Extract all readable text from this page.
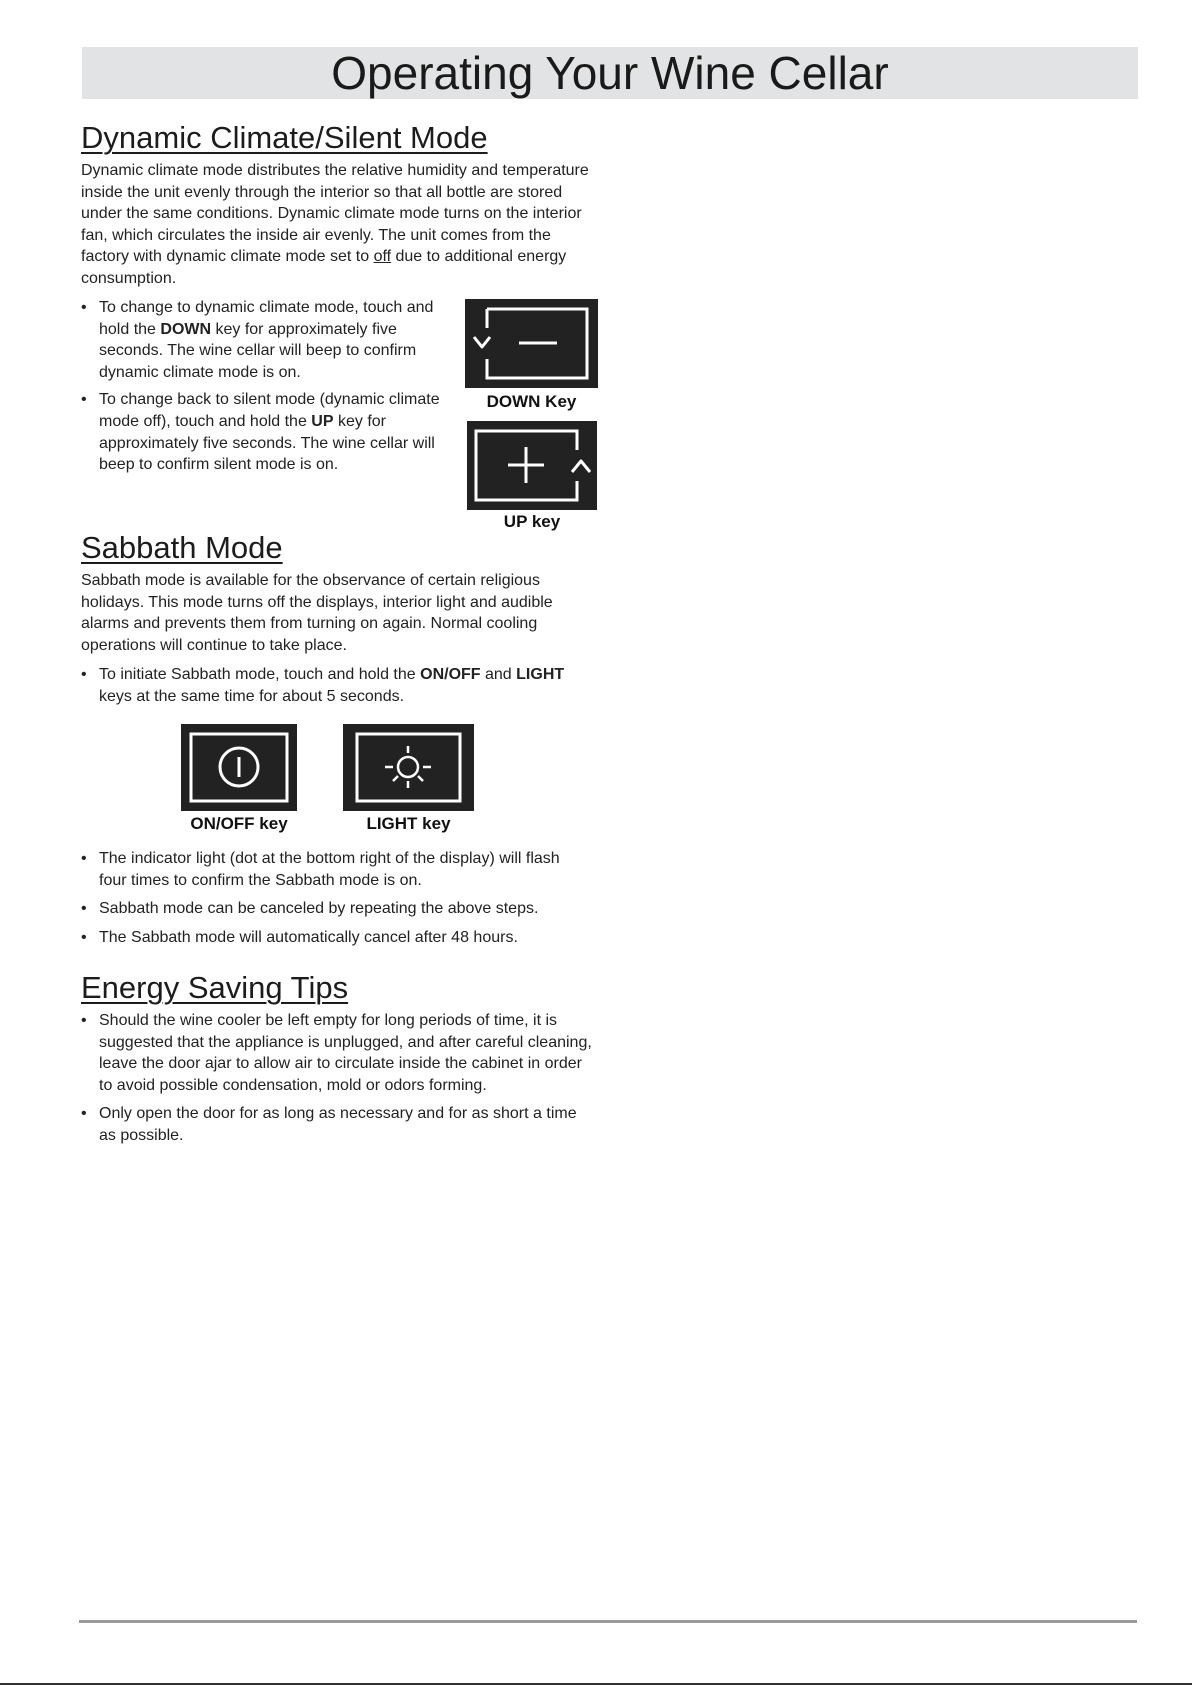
Operating Your Wine Cellar
Dynamic Climate/Silent Mode

Dynamic climate mode distributes the relative humidity and temperature inside the unit evenly through the interior so that all bottle are stored under the same conditions. Dynamic climate mode turns on the interior fan, which circulates the inside air evenly. The unit comes from the factory with dynamic climate mode set to off due to additional energy consumption.

• To change to dynamic climate mode, touch and hold the DOWN key for approximately five seconds. The wine cellar will beep to confirm dynamic climate mode is on.
• To change back to silent mode (dynamic climate mode off), touch and hold the UP key for approximately five seconds. The wine cellar will beep to confirm silent mode is on.
DOWN Key
UP key
Sabbath Mode

Sabbath mode is available for the observance of certain religious holidays. This mode turns off the displays, interior light and audible alarms and prevents them from turning on again. Normal cooling operations will continue to take place.

• To initiate Sabbath mode, touch and hold the ON/OFF and LIGHT keys at the same time for about 5 seconds.
ON/OFF key	LIGHT key
• The indicator light (dot at the bottom right of the display) will flash four times to confirm the Sabbath mode is on.
• Sabbath mode can be canceled by repeating the above steps.
• The Sabbath mode will automatically cancel after 48 hours.
Energy Saving Tips
• Should the wine cooler be left empty for long periods of time, it is suggested that the appliance is unplugged, and after careful cleaning, leave the door ajar to allow air to circulate inside the cabinet in order to avoid possible condensation, mold or odors forming.
• Only open the door for as long as necessary and for as short a time as possible.
